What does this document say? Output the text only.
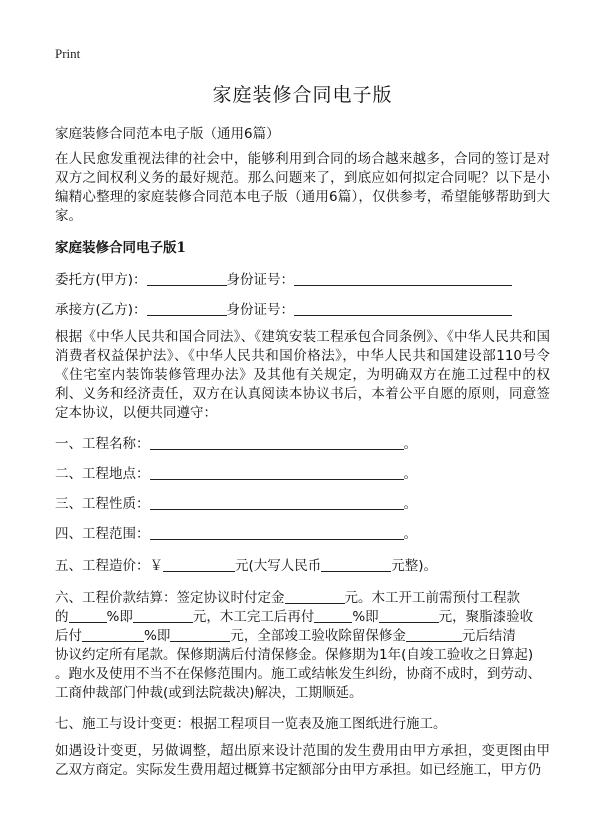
Print
家庭装修合同电子版
家庭装修合同范本电子版（通用6篇）
在人民愈发重视法律的社会中，能够利用到合同的场合越来越多，合同的签订是对双方之间权利义务的最好规范。那么问题来了，到底应如何拟定合同呢？以下是小编精心整理的家庭装修合同范本电子版（通用6篇），仅供参考，希望能够帮助到大家。
家庭装修合同电子版1
委托方(甲方)：	身份证号：
承接方(乙方)：	身份证号：
根据《中华人民共和国合同法》、《建筑安装工程承包合同条例》、《中华人民共和国消费者权益保护法》、《中华人民共和国价格法》，中华人民共和国建设部110号令《住宅室内装饰装修管理办法》及其他有关规定，为明确双方在施工过程中的权利、义务和经济责任，双方在认真阅读本协议书后，本着公平自愿的原则，同意签定本协议，以便共同遵守：
一、工程名称：	。
二、工程地点：	。
三、工程性质：	。
四、工程范围：	。
五、工程造价：￥	元(大写人民币	元整)。
六、工程价款结算：签定协议时付定金	元。木工开工前需预付工程款
的	%即	元，木工完工后再付	%即	元，聚脂漆验收
后付	%即	元，全部竣工验收除留保修金	元后结清
协议约定所有尾款。保修期满后付清保修金。保修期为1年(自竣工验收之日算起)
。跑水及使用不当不在保修范围内。施工或结帐发生纠纷，协商不成时，到劳动、
工商仲裁部门仲裁(或到法院裁决)解决，工期顺延。
七、施工与设计变更：根据工程项目一览表及施工图纸进行施工。
如遇设计变更，另做调整，超出原来设计范围的发生费用由甲方承担，变更图由甲乙双方商定。实际发生费用超过概算书定额部分由甲方承担。如已经施工，甲方仍
